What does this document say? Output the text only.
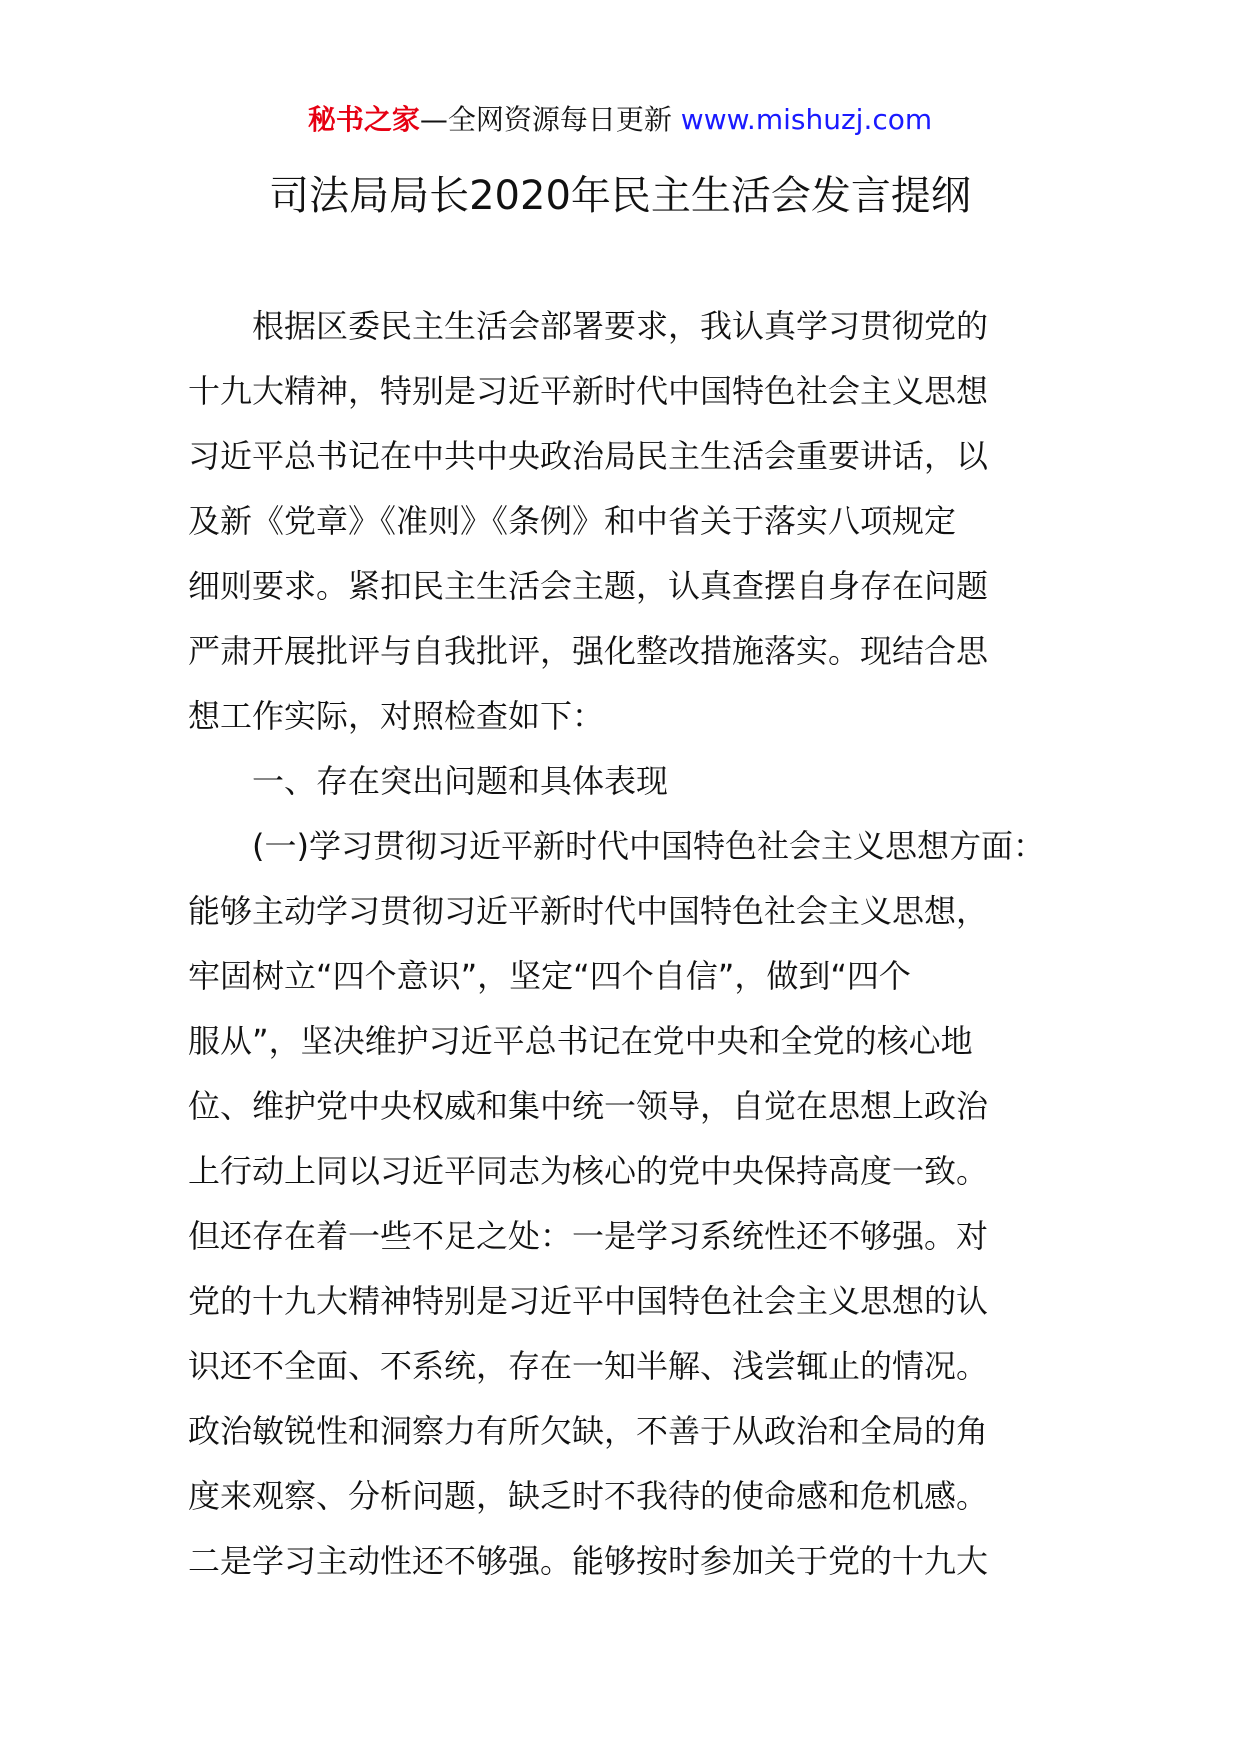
秘书之家—全网资源每日更新 www.mishuzj.com
司法局局长2020年民主生活会发言提纲
　　根据区委民主生活会部署要求，我认真学习贯彻党的
十九大精神，特别是习近平新时代中国特色社会主义思想
习近平总书记在中共中央政治局民主生活会重要讲话，以
及新《党章》《准则》《条例》和中省关于落实八项规定
细则要求。紧扣民主生活会主题，认真查摆自身存在问题
严肃开展批评与自我批评，强化整改措施落实。现结合思
想工作实际，对照检查如下：
　　一、存在突出问题和具体表现
　　(一)学习贯彻习近平新时代中国特色社会主义思想方面：
能够主动学习贯彻习近平新时代中国特色社会主义思想，
牢固树立“四个意识”，坚定“四个自信”，做到“四个
服从”，坚决维护习近平总书记在党中央和全党的核心地
位、维护党中央权威和集中统一领导，自觉在思想上政治
上行动上同以习近平同志为核心的党中央保持高度一致。
但还存在着一些不足之处：一是学习系统性还不够强。对
党的十九大精神特别是习近平中国特色社会主义思想的认
识还不全面、不系统，存在一知半解、浅尝辄止的情况。
政治敏锐性和洞察力有所欠缺，不善于从政治和全局的角
度来观察、分析问题，缺乏时不我待的使命感和危机感。
二是学习主动性还不够强。能够按时参加关于党的十九大
